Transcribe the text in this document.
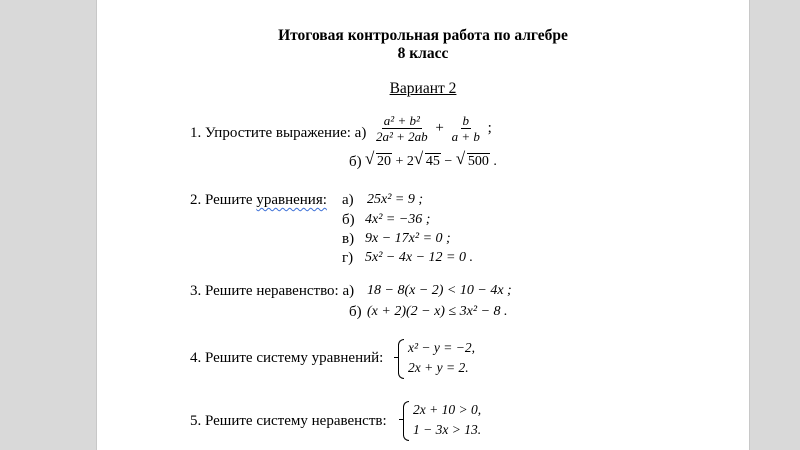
Итоговая контрольная работа по алгебре
8 класс
Вариант 2
1. Упростите выражение: $а) \frac{\text{a² + b²}}{\text{2a² + 2ab}} + \frac{b}{a + b}$ ;
б)	√ 20 + 2 √ 45 − √ 500 .
2. Решите уравнения: а) 25x² = 9 ;
б) 4x² = −36 ;
в) 9x − 17x² = 0 ;
г) 5x² − 4x − 12 = 0 .
3. Решите неравенство: а) 18 − 8(x − 2) < 10 − 4x ;
б) (x + 2)(2 − x) ≤ 3x² − 8 .
4. Решите систему уравнений:
x² − y = −2,
2x + y = 2.
5. Решите систему неравенств:
2x + 10 > 0,
1 − 3x > 13.
